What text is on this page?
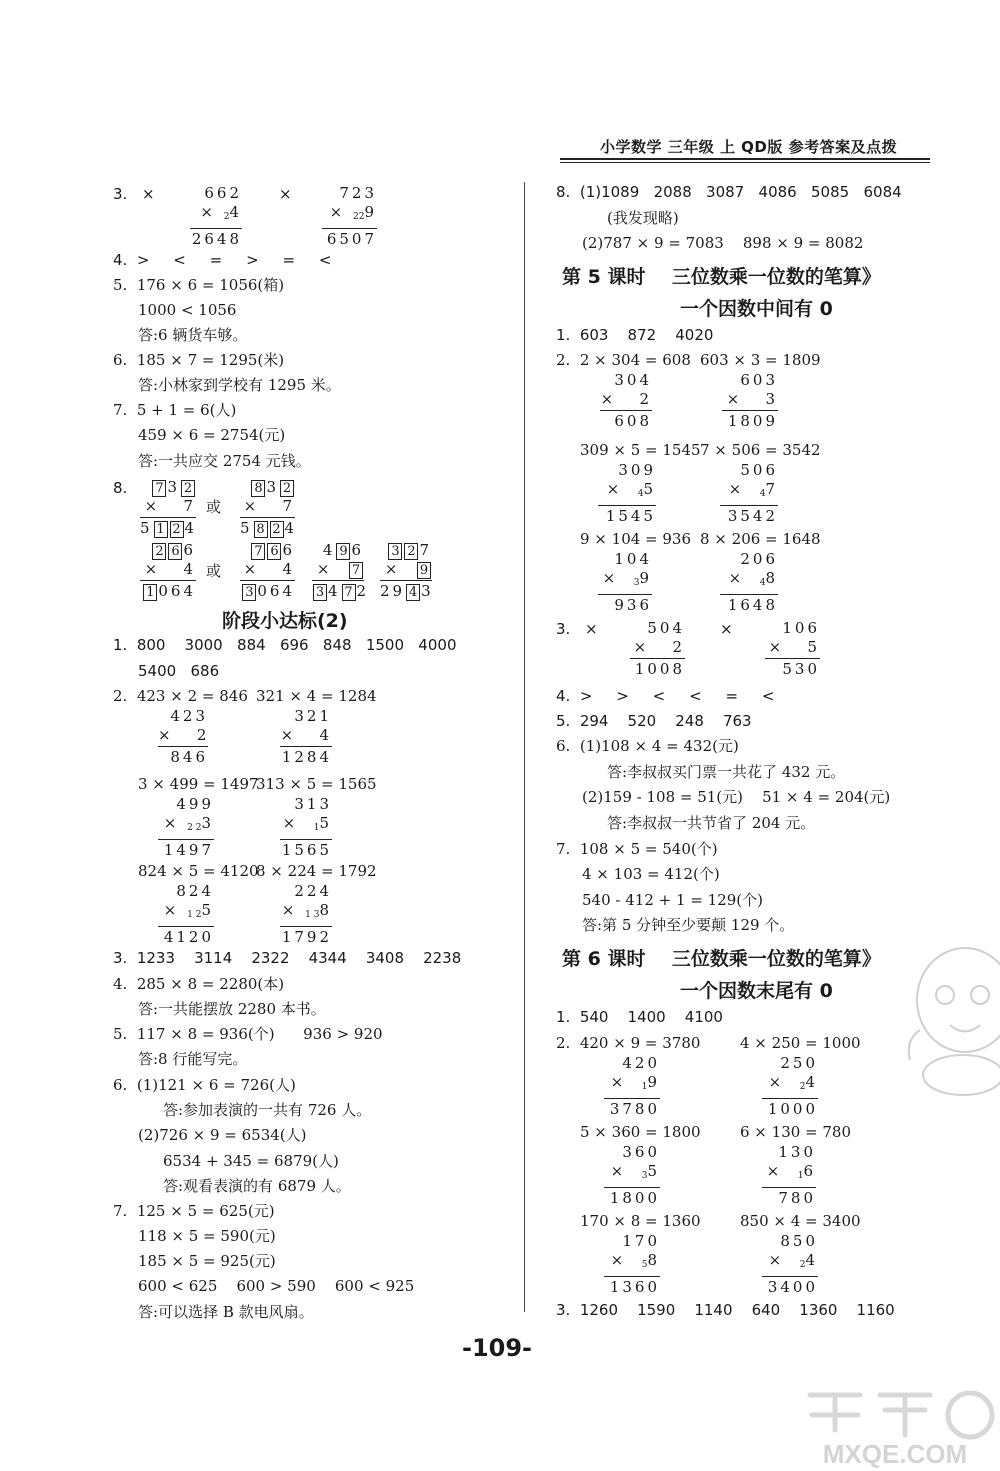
小学数学 三年级 上 QD版 参考答案及点拨
3. ×	×
662
× 24
2648
723
× 229
6507
4.  >     <     =     >     =     <
5.  176 × 6 = 1056(箱)
1000 < 1056
答:6 辆货车够。
6.  185 × 7 = 1295(米)
答:小林家到学校有 1295 米。
7.  5 + 1 = 6(人)
459 × 6 = 2754(元)
答:一共应交 2754 元钱。
8.	7 3 2
×   7
5 1 2 4
或
8 3 2
×   7
5 8 2 4
2 6 6
×   4
1 064
或
7 6 6
×   4
3 064
4 9 6
×  7
3 4 7 2
3 2 7
×  9
29 4 3
阶段小达标(2)
1.  800    3000   884   696   848   1500   4000
5400   686
2.  423 × 2 = 846 321 × 4 = 1284
423
×   2
846
321
×   4
1284
3 × 499 = 1497
313 × 5 = 1565
499
× 2 23
1497
313
×  15
1565
824 × 5 = 4120
8 × 224 = 1792
824
× 1 25
4120
224
× 1 38
1792
3.  1233    3114    2322    4344    3408    2238
4.  285 × 8 = 2280(本)
答:一共能摆放 2280 本书。
5.  117 × 8 = 936(个)      936 > 920
答:8 行能写完。
6.  (1)121 × 6 = 726(人)
答:参加表演的一共有 726 人。
(2)726 × 9 = 6534(人)
6534 + 345 = 6879(人)
答:观看表演的有 6879 人。
7.  125 × 5 = 625(元)
118 × 5 = 590(元)
185 × 5 = 925(元)
600 < 625    600 > 590    600 < 925
答:可以选择 B 款电风扇。
8.  (1)1089   2088   3087   4086   5085   6084
(我发现略)
(2)787 × 9 = 7083    898 × 9 = 8082
第 5 课时    三位数乘一位数的笔算》
一个因数中间有 0
1.  603    872    4020
2.  2 × 304 = 608 603 × 3 = 1809
304
×   2
608
603
×   3
1809
309 × 5 = 1545 7 × 506 = 3542
309
×  45
1545
506
×  47
3542
9 × 104 = 936 8 × 206 = 1648
104
×  39
936
206
×  48
1648
3. ×	×
504
×   2
1008
106
×   5
530
4.  >     >     <     <     =     <
5.  294    520    248    763
6.  (1)108 × 4 = 432(元)
答:李叔叔买门票一共花了 432 元。
(2)159 - 108 = 51(元)    51 × 4 = 204(元)
答:李叔叔一共节省了 204 元。
7.  108 × 5 = 540(个)
4 × 103 = 412(个)
540 - 412 + 1 = 129(个)
答:第 5 分钟至少要颠 129 个。
第 6 课时    三位数乘一位数的笔算》
一个因数末尾有 0
1.  540    1400    4100
2.  420 × 9 = 3780	4 × 250 = 1000
420
×  19
3780
250
×  24
1000
5 × 360 = 1800	6 × 130 = 780
360
×  35
1800
130
×  16
780
170 × 8 = 1360	850 × 4 = 3400
170
×  58
1360
850
×  24
3400
3.  1260    1590    1140    640    1360    1160
-109-
MXQE.COM
